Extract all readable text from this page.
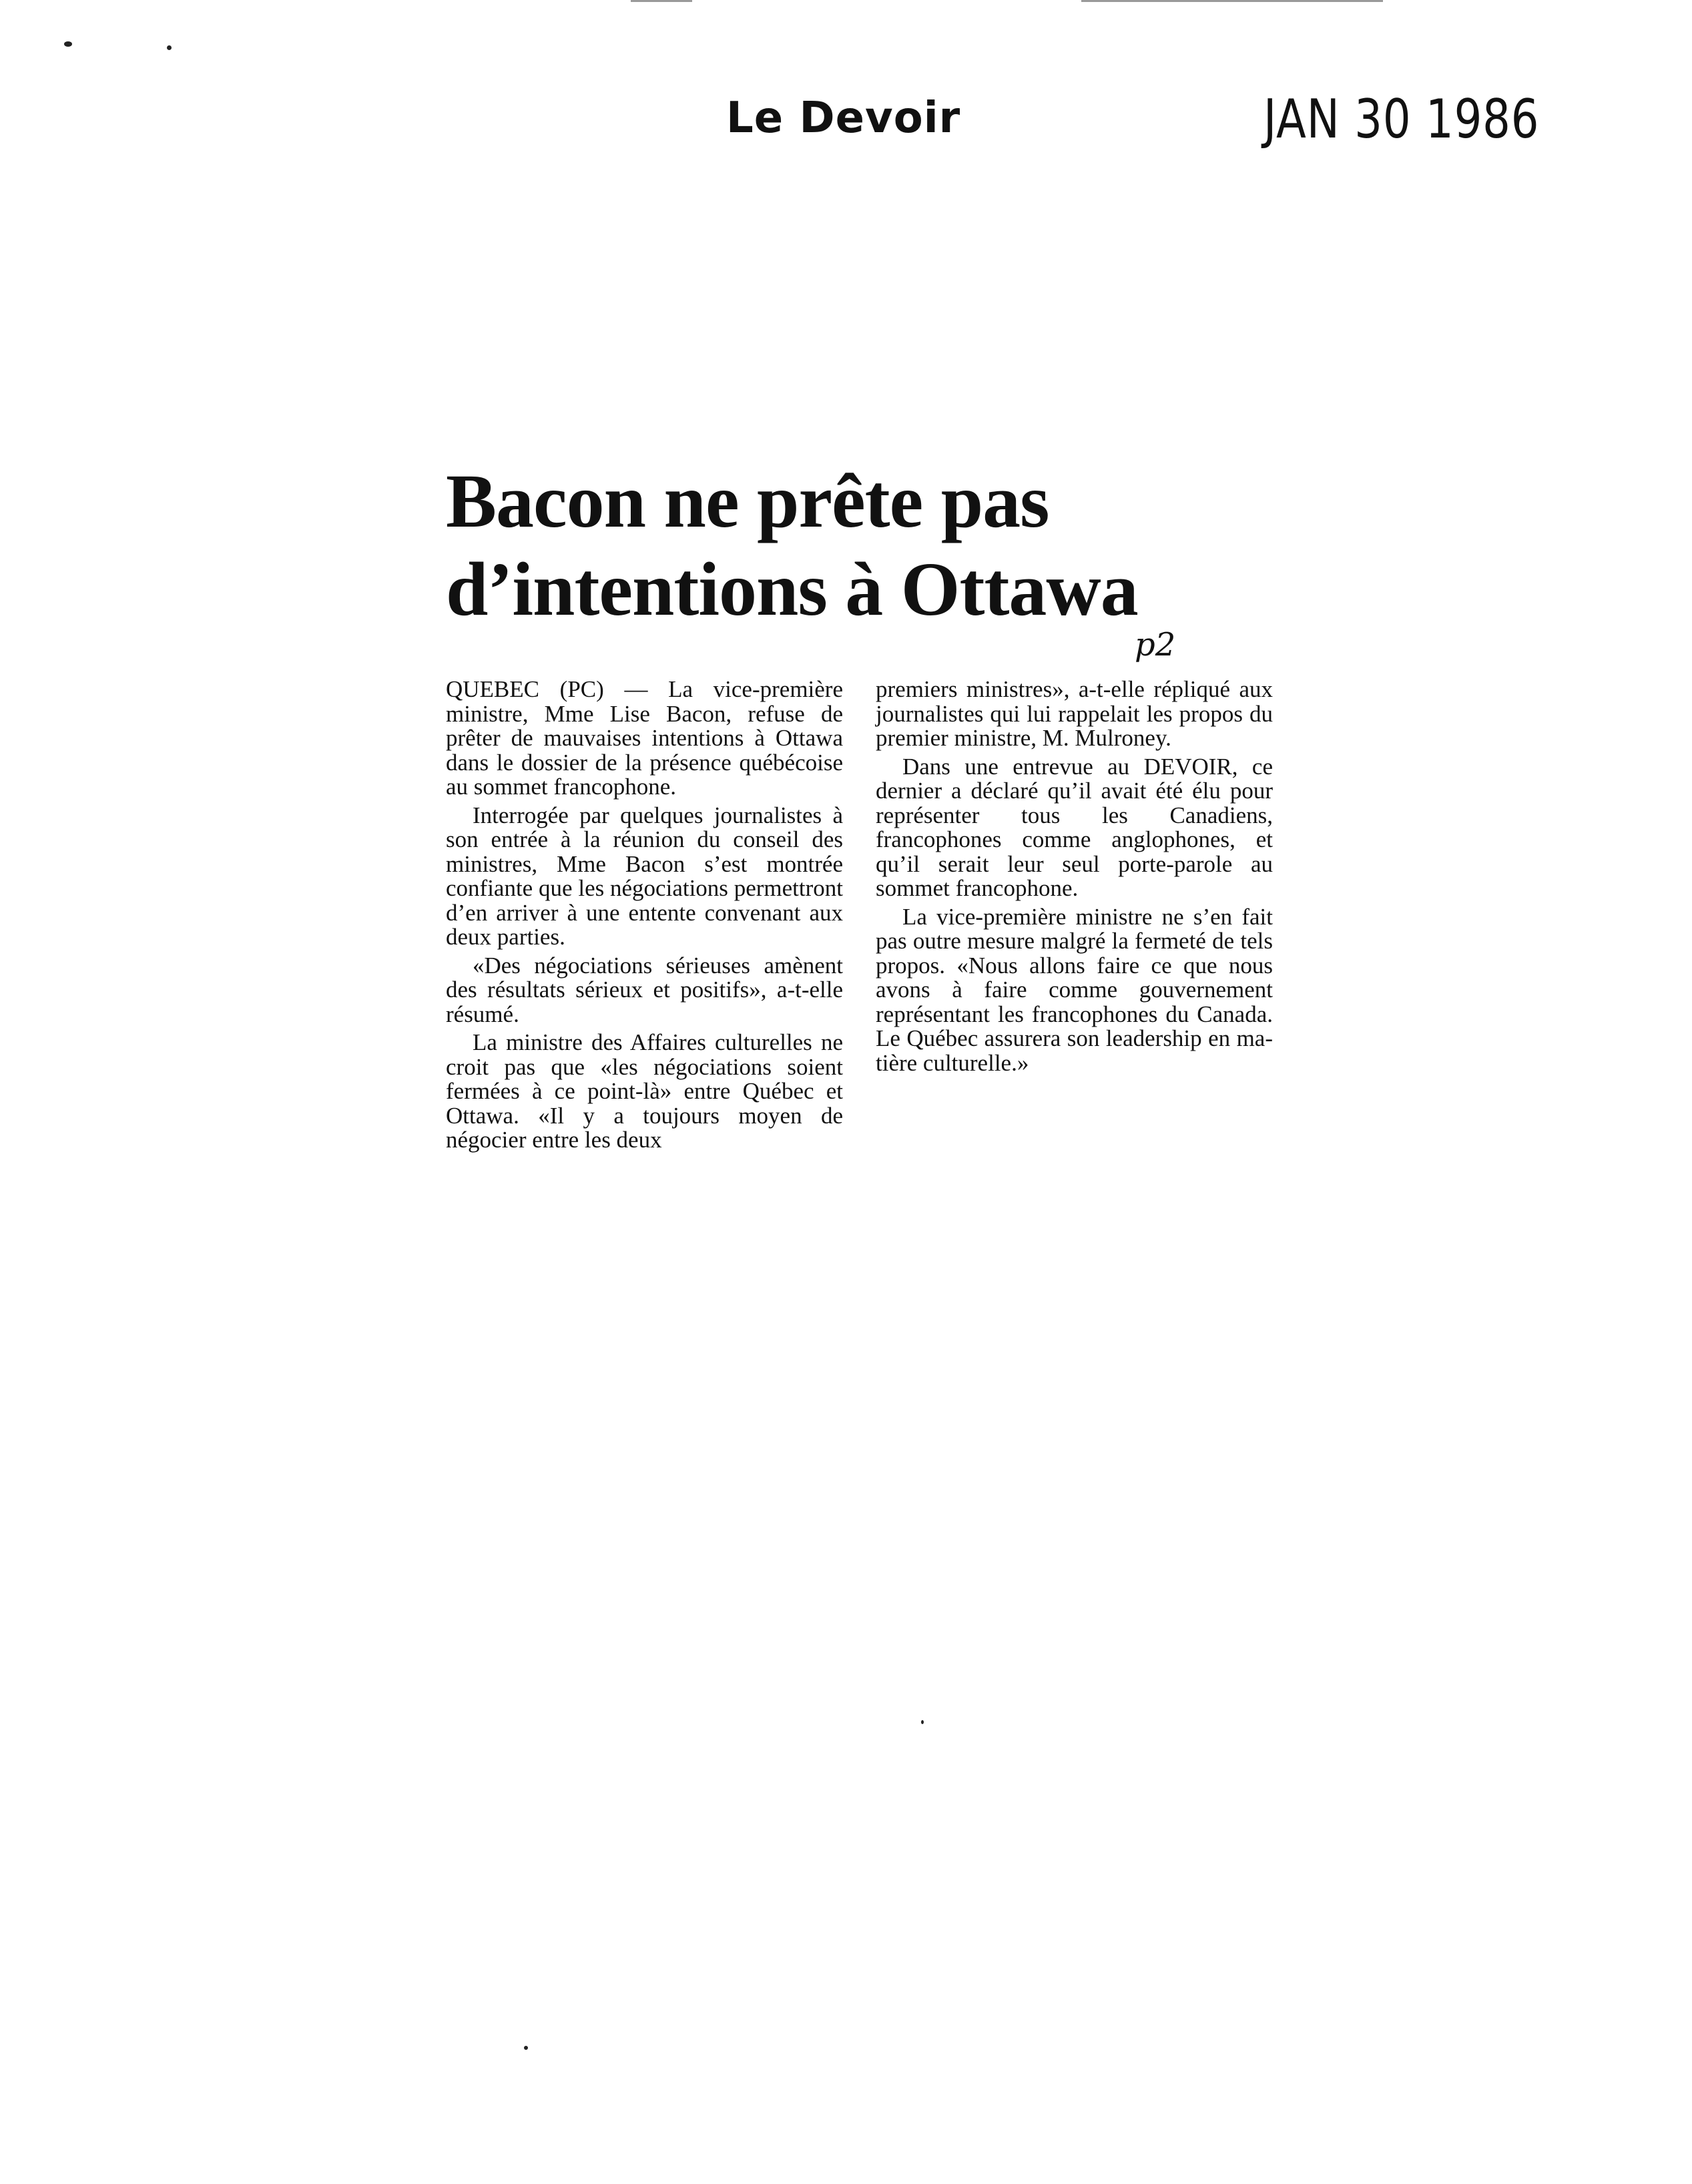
Le Devoir	JAN 30 1986
Bacon ne prête pas
d’intentions à Ottawa
p2

QUEBEC (PC) — La vice-première ministre, Mme Lise Bacon, refuse de prêter de mauvaises intentions à Ottawa dans le dossier de la présence québécoise au sommet francophone.

Interrogée par quelques journalistes à son entrée à la réunion du conseil des ministres, Mme Bacon s’est montrée confiante que les négociations permettront d’en arriver à une entente convenant aux deux parties.

«Des négociations sérieuses amènent des résultats sérieux et positifs», a-t-elle résumé.

La ministre des Affaires culturelles ne croit pas que «les négociations soient fermées à ce point-là» entre Québec et Ottawa. «Il y a toujours moyen de négocier entre les deux

premiers ministres», a-t-elle répliqué aux journalistes qui lui rappelait les propos du premier ministre, M. Mulroney.

Dans une entrevue au DEVOIR, ce dernier a déclaré qu’il avait été élu pour représenter tous les Canadiens, francophones comme anglophones, et qu’il serait leur seul porte-parole au sommet francophone.

La vice-première ministre ne s’en fait pas outre mesure malgré la fermeté de tels propos. «Nous allons faire ce que nous avons à faire comme gouvernement représentant les francophones du Canada. Le Québec assurera son leadership en matière culturelle.»
